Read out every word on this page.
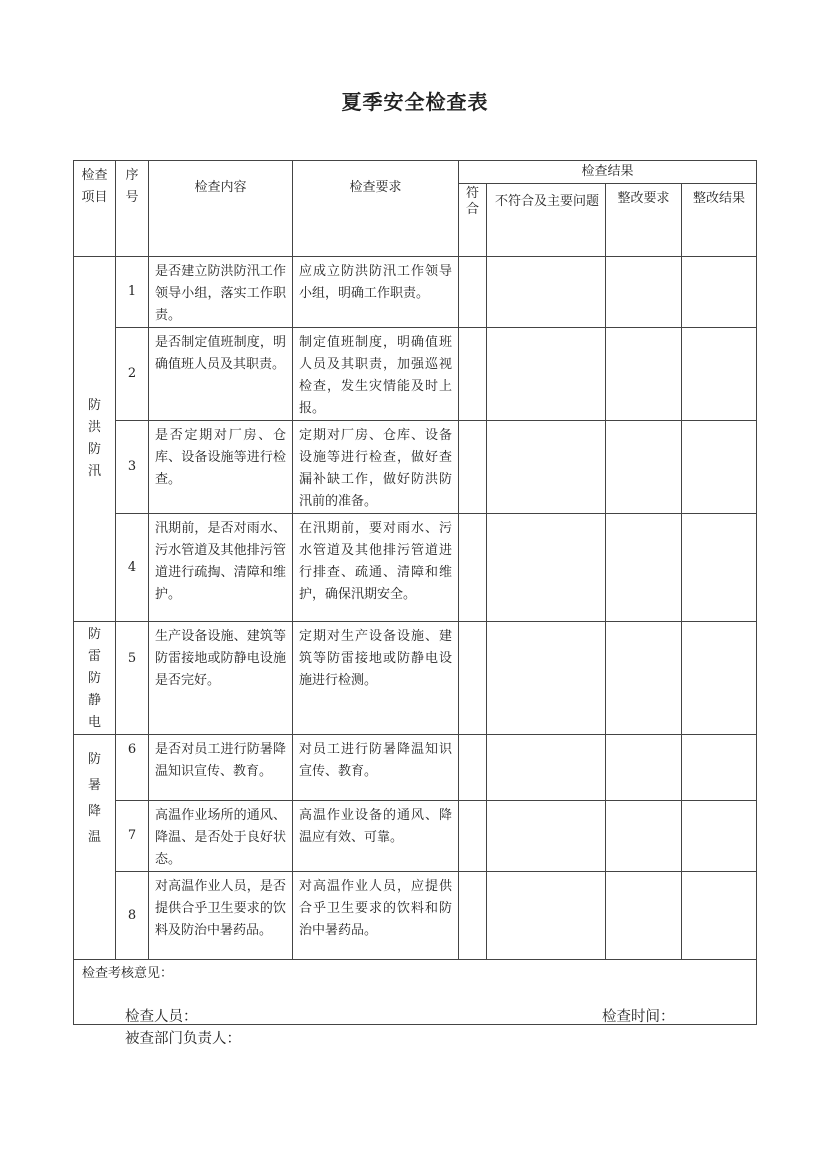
夏季安全检查表
检查项目	序号	检查内容	检查要求	检查结果			
				符合	不符合及主要问题	整改要求	整改结果
防洪防汛	1	是否建立防洪防汛工作领导小组，落实工作职责。	应成立防洪防汛工作领导小组，明确工作职责。				
	2	是否制定值班制度，明确值班人员及其职责。	制定值班制度，明确值班人员及其职责，加强巡视检查，发生灾情能及时上报。				
	3	是否定期对厂房、仓库、设备设施等进行检查。	定期对厂房、仓库、设备设施等进行检查，做好查漏补缺工作，做好防洪防汛前的准备。				
	4	汛期前，是否对雨水、污水管道及其他排污管道进行疏掏、清障和维护。	在汛期前，要对雨水、污水管道及其他排污管道进行排查、疏通、清障和维护，确保汛期安全。				
防雷防静电	5	生产设备设施、建筑等防雷接地或防静电设施是否完好。	定期对生产设备设施、建筑等防雷接地或防静电设施进行检测。				
防暑降温	6	是否对员工进行防暑降温知识宣传、教育。	对员工进行防暑降温知识宣传、教育。				
	7	高温作业场所的通风、降温、是否处于良好状态。	高温作业设备的通风、降温应有效、可靠。				
	8	对高温作业人员，是否提供合乎卫生要求的饮料及防治中暑药品。	对高温作业人员，应提供合乎卫生要求的饮料和防治中暑药品。				
检查考核意见：							
检查人员：	检查时间：
被查部门负责人：
